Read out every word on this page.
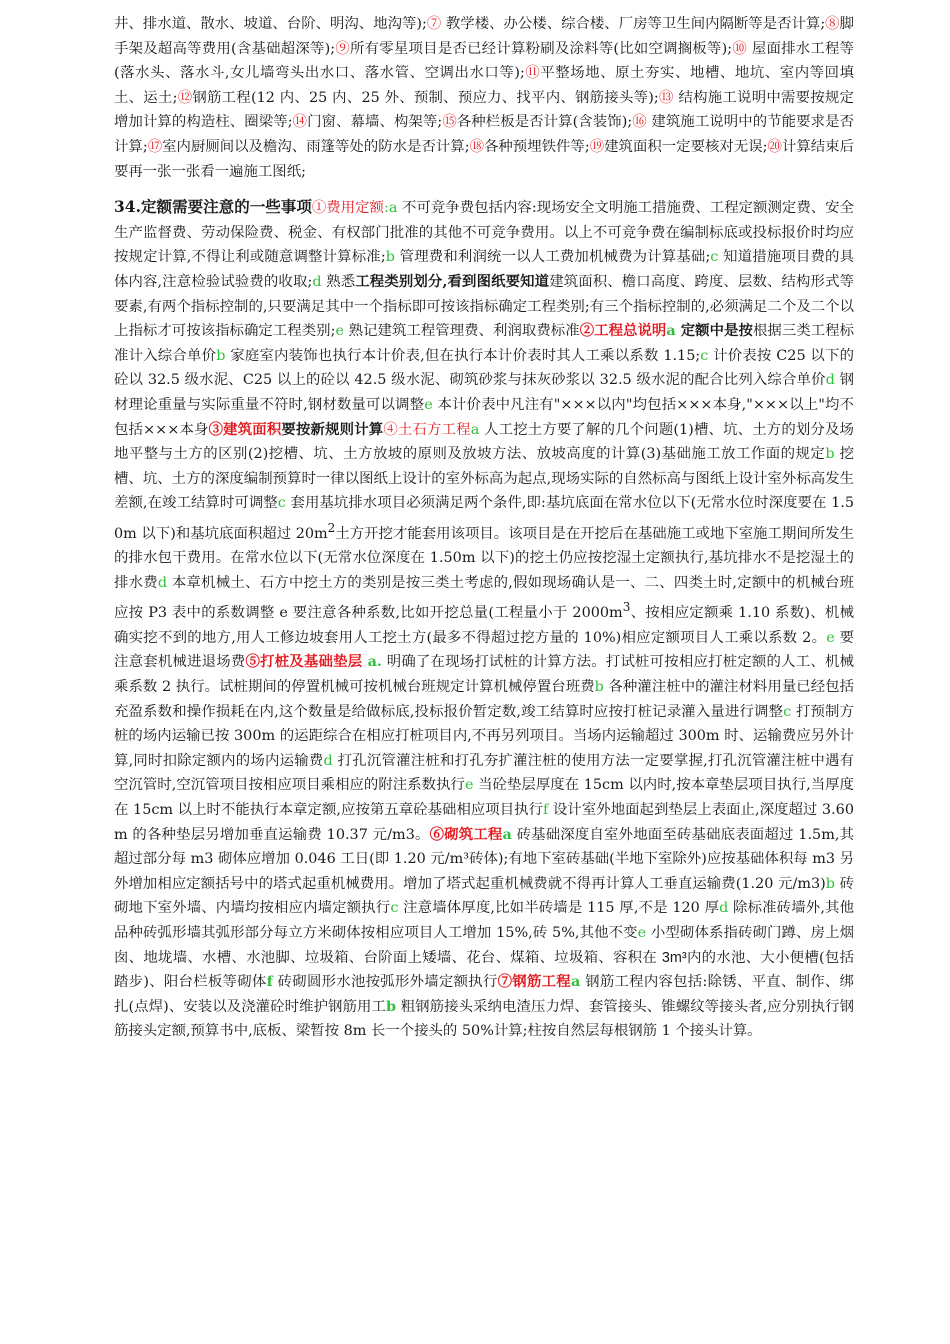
井、排水道、散水、坡道、台阶、明沟、地沟等);⑦ 教学楼、办公楼、综合楼、厂房等卫生间内隔断等是否计算;⑧脚手架及超高等费用(含基础超深等);⑨所有零星项目是否已经计算粉刷及涂料等(比如空调搁板等);⑩ 屋面排水工程等(落水头、落水斗,女儿墙弯头出水口、落水管、空调出水口等);⑪平整场地、原土夯实、地槽、地坑、室内等回填土、运土;⑫钢筋工程(12 内、25 内、25 外、预制、预应力、找平内、钢筋接头等);⑬ 结构施工说明中需要按规定增加计算的构造柱、圈梁等;⑭门窗、幕墙、构架等;⑮各种栏板是否计算(含装饰);⑯ 建筑施工说明中的节能要求是否计算;⑰室内厨厕间以及檐沟、雨篷等处的防水是否计算;⑱各种预埋铁件等;⑲建筑面积一定要核对无误;⑳计算结束后要再一张一张看一遍施工图纸;

34.定额需要注意的一些事项①费用定额:a 不可竞争费包括内容:现场安全文明施工措施费、工程定额测定费、安全生产监督费、劳动保险费、税金、有权部门批准的其他不可竞争费用。以上不可竞争费在编制标底或投标报价时均应按规定计算,不得让利或随意调整计算标准;b 管理费和利润统一以人工费加机械费为计算基础;c 知道措施项目费的具体内容,注意检验试验费的收取;d 熟悉工程类别划分,看到图纸要知道建筑面积、檐口高度、跨度、层数、结构形式等要素,有两个指标控制的,只要满足其中一个指标即可按该指标确定工程类别;有三个指标控制的,必须满足二个及二个以上指标才可按该指标确定工程类别;e 熟记建筑工程管理费、利润取费标准②工程总说明a 定额中是按根据三类工程标准计入综合单价b 家庭室内装饰也执行本计价表,但在执行本计价表时其人工乘以系数 1.15;c 计价表按 C25 以下的砼以 32.5 级水泥、C25 以上的砼以 42.5 级水泥、砌筑砂浆与抹灰砂浆以 32.5 级水泥的配合比列入综合单价d 钢材理论重量与实际重量不符时,钢材数量可以调整e 本计价表中凡注有"×××以内"均包括×××本身,"×××以上"均不包括×××本身③建筑面积要按新规则计算④土石方工程a 人工挖土方要了解的几个问题(1)槽、坑、土方的划分及场地平整与土方的区别(2)挖槽、坑、土方放坡的原则及放坡方法、放坡高度的计算(3)基础施工放工作面的规定b 挖槽、坑、土方的深度编制预算时一律以图纸上设计的室外标高为起点,现场实际的自然标高与图纸上设计室外标高发生差额,在竣工结算时可调整c 套用基坑排水项目必须满足两个条件,即:基坑底面在常水位以下(无常水位时深度要在 1.50m 以下)和基坑底面积超过 $20m^2$土方开挖才能套用该项目。该项目是在开挖后在基础施工或地下室施工期间所发生的排水包干费用。在常水位以下(无常水位深度在 1.50m 以下)的挖土仍应按挖湿土定额执行,基坑排水不是挖湿土的排水费d 本章机械土、石方中挖土方的类别是按三类土考虑的,假如现场确认是一、二、四类土时,定额中的机械台班应按 P3 表中的系数调整 e 要注意各种系数,比如开挖总量(工程量小于 $2000m^3$、按相应定额乘 1.10 系数)、机械确实挖不到的地方,用人工修边坡套用人工挖土方(最多不得超过挖方量的 10%)相应定额项目人工乘以系数 2。e 要注意套机械进退场费⑤打桩及基础垫层 a. 明确了在现场打试桩的计算方法。打试桩可按相应打桩定额的人工、机械乘系数 2 执行。试桩期间的停置机械可按机械台班规定计算机械停置台班费b 各种灌注桩中的灌注材料用量已经包括充盈系数和操作损耗在内,这个数量是给做标底,投标报价暂定数,竣工结算时应按打桩记录灌入量进行调整c 打预制方桩的场内运输已按 300m 的运距综合在相应打桩项目内,不再另列项目。当场内运输超过 300m 时、运输费应另外计算,同时扣除定额内的场内运输费d 打孔沉管灌注桩和打孔夯扩灌注桩的使用方法一定要掌握,打孔沉管灌注桩中遇有空沉管时,空沉管项目按相应项目乘相应的附注系数执行e 当砼垫层厚度在 15cm 以内时,按本章垫层项目执行,当厚度在 15cm 以上时不能执行本章定额,应按第五章砼基础相应项目执行f 设计室外地面起到垫层上表面止,深度超过 3.60m 的各种垫层另增加垂直运输费 10.37 元/m3。⑥砌筑工程a 砖基础深度自室外地面至砖基础底表面超过 1.5m,其超过部分每 m3 砌体应增加 0.046 工日(即 1.20 元/m³砖体);有地下室砖基础(半地下室除外)应按基础体积每 m3 另外增加相应定额括号中的塔式起重机械费用。增加了塔式起重机械费就不得再计算人工垂直运输费(1.20 元/m3)b 砖砌地下室外墙、内墙均按相应内墙定额执行c 注意墙体厚度,比如半砖墙是 115 厚,不是 120 厚d 除标准砖墙外,其他品种砖弧形墙其弧形部分每立方米砌体按相应项目人工增加 15%,砖 5%,其他不变e 小型砌体系指砖砌门蹲、房上烟囱、地垅墙、水槽、水池脚、垃圾箱、台阶面上矮墙、花台、煤箱、垃圾箱、容积在 3m³内的水池、大小便槽(包括踏步)、阳台栏板等砌体f 砖砌圆形水池按弧形外墙定额执行⑦钢筋工程a 钢筋工程内容包括:除锈、平直、制作、绑扎(点焊)、安装以及浇灌砼时维护钢筋用工b 粗钢筋接头采纳电渣压力焊、套管接头、锥螺纹等接头者,应分别执行钢筋接头定额,预算书中,底板、梁暂按 8m 长一个接头的 50%计算;柱按自然层每根钢筋 1 个接头计算。
